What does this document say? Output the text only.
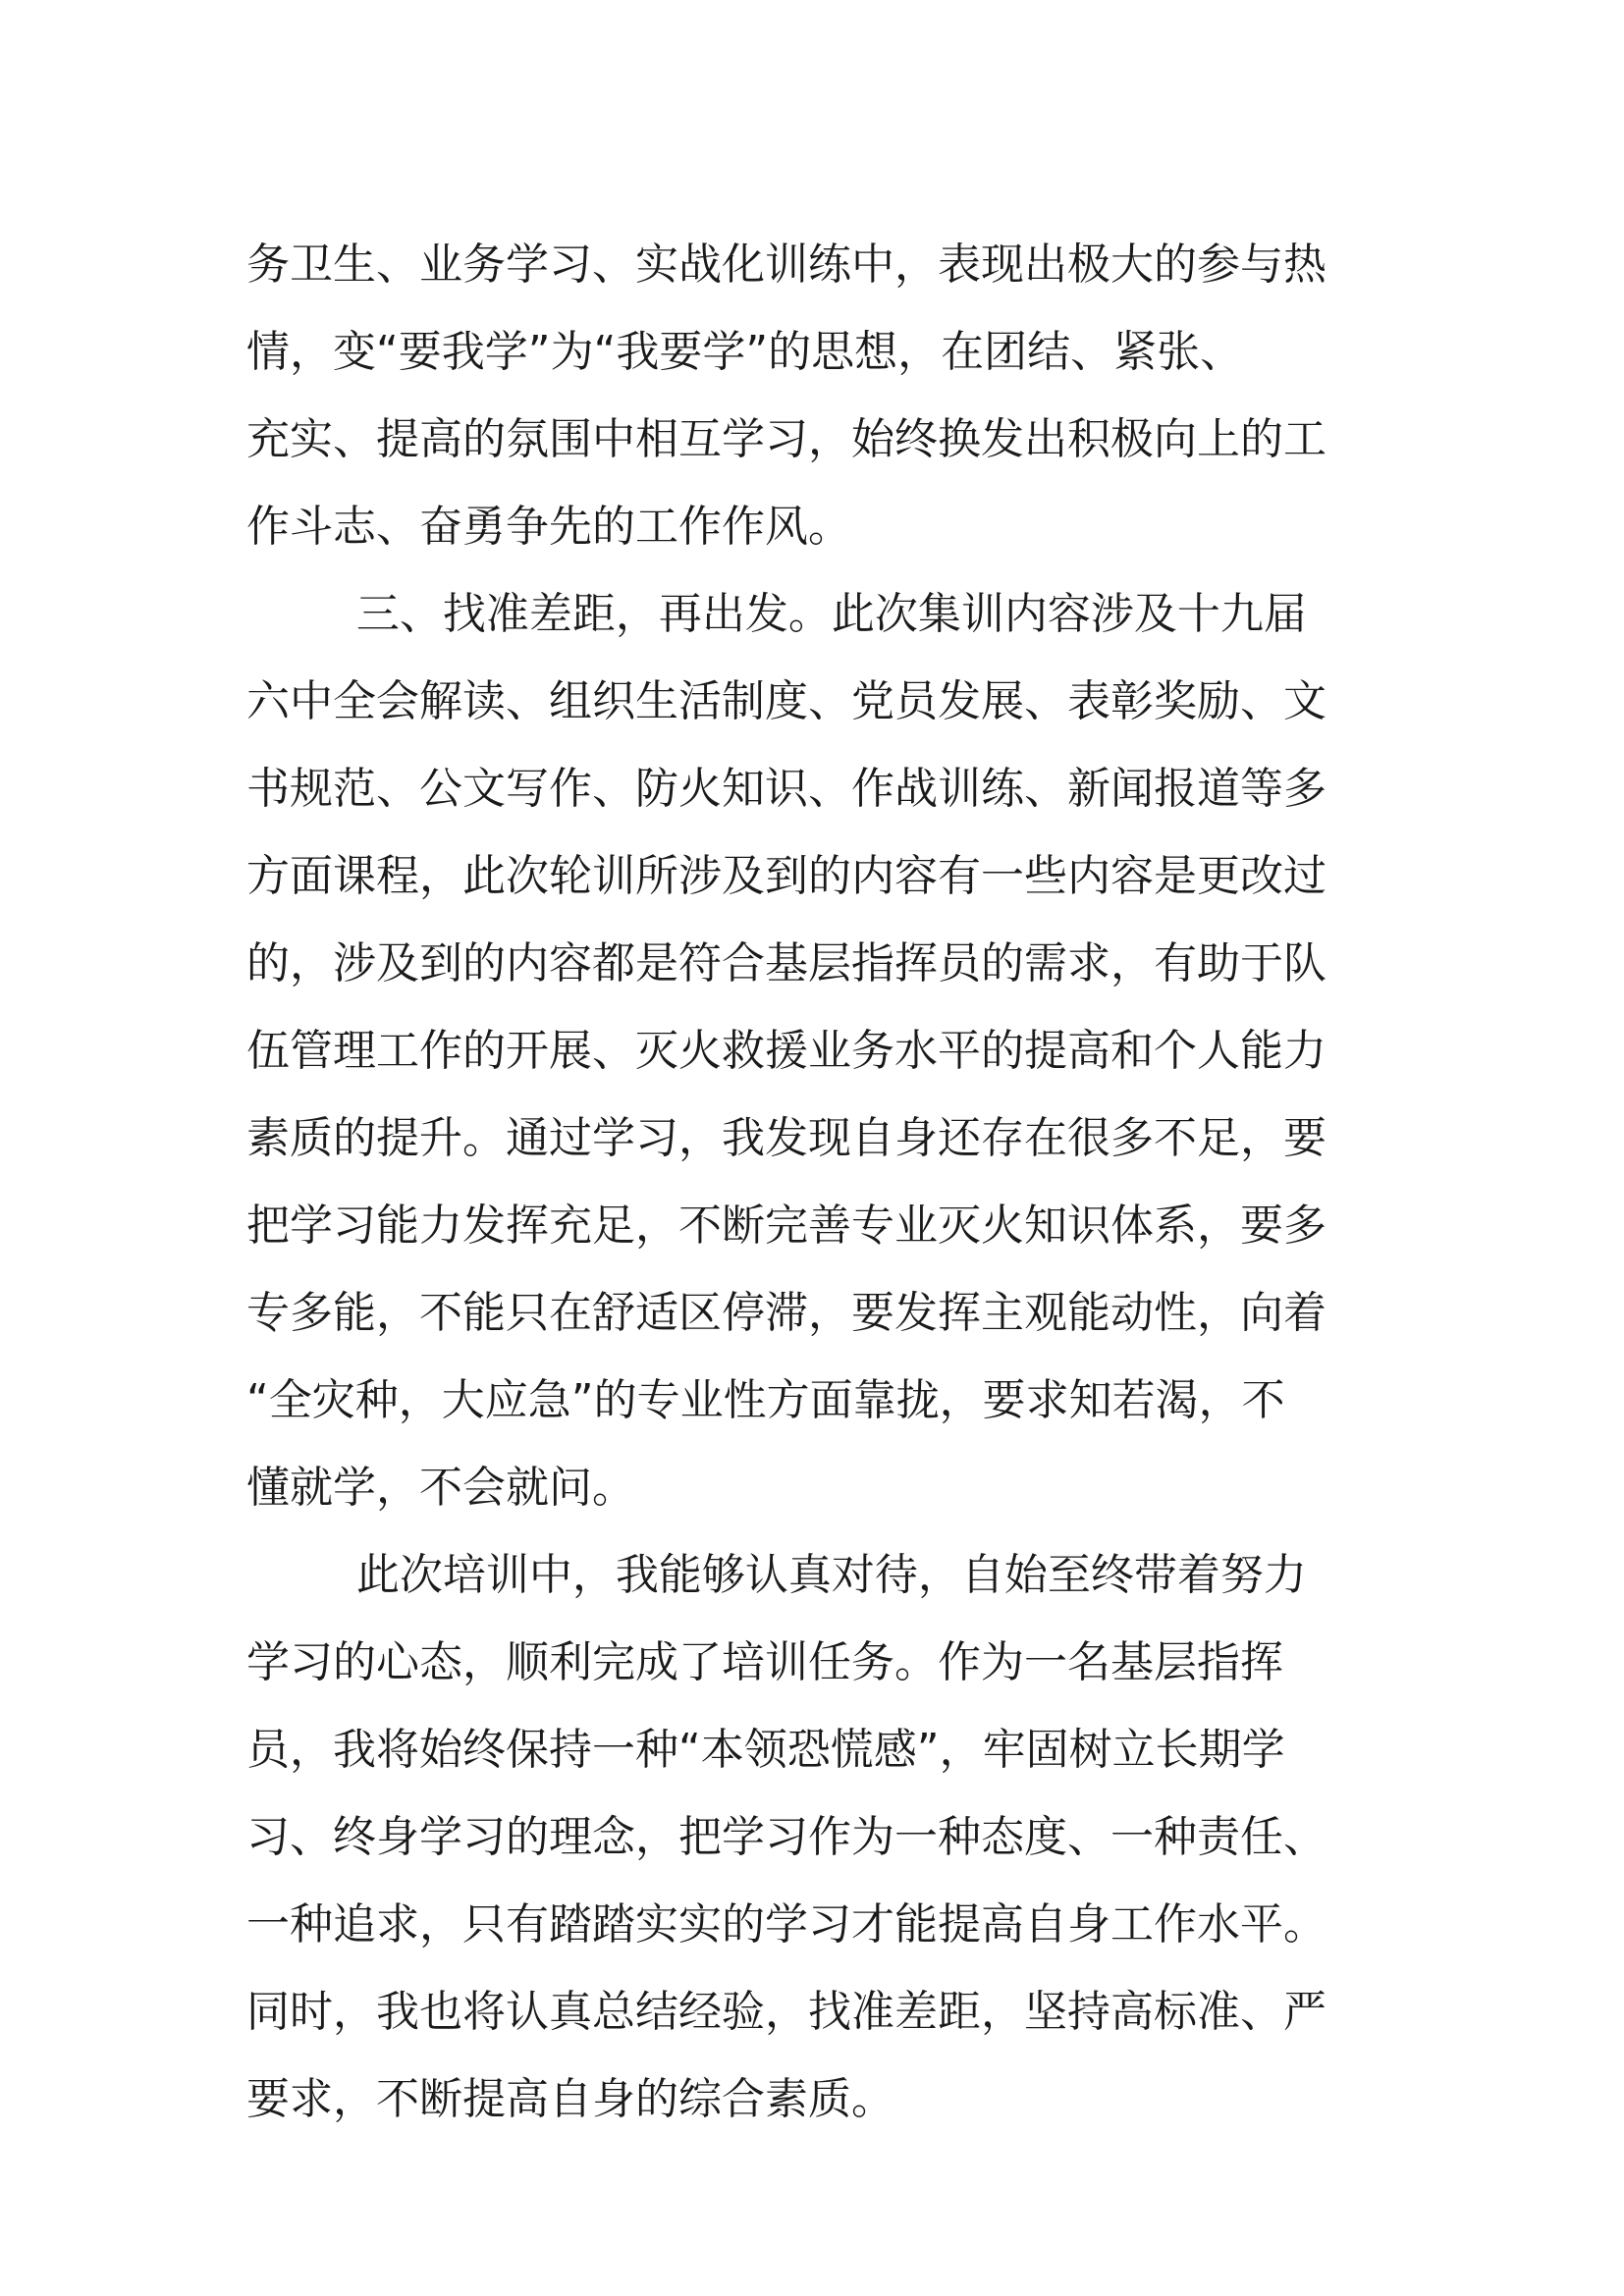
务卫生、业务学习、实战化训练中，表现出极大的参与热
情，变“要我学”为“我要学”的思想，在团结、紧张、
充实、提高的氛围中相互学习，始终换发出积极向上的工
作斗志、奋勇争先的工作作风。
三、找准差距，再出发。此次集训内容涉及十九届
六中全会解读、组织生活制度、党员发展、表彰奖励、文
书规范、公文写作、防火知识、作战训练、新闻报道等多
方面课程，此次轮训所涉及到的内容有一些内容是更改过
的，涉及到的内容都是符合基层指挥员的需求，有助于队
伍管理工作的开展、灭火救援业务水平的提高和个人能力
素质的提升。通过学习，我发现自身还存在很多不足，要
把学习能力发挥充足，不断完善专业灭火知识体系，要多
专多能，不能只在舒适区停滞，要发挥主观能动性，向着
“全灾种，大应急”的专业性方面靠拢，要求知若渴，不
懂就学，不会就问。
此次培训中，我能够认真对待，自始至终带着努力
学习的心态，顺利完成了培训任务。作为一名基层指挥
员，我将始终保持一种“本领恐慌感”，牢固树立长期学
习、终身学习的理念，把学习作为一种态度、一种责任、
一种追求，只有踏踏实实的学习才能提高自身工作水平。
同时，我也将认真总结经验，找准差距，坚持高标准、严
要求，不断提高自身的综合素质。
